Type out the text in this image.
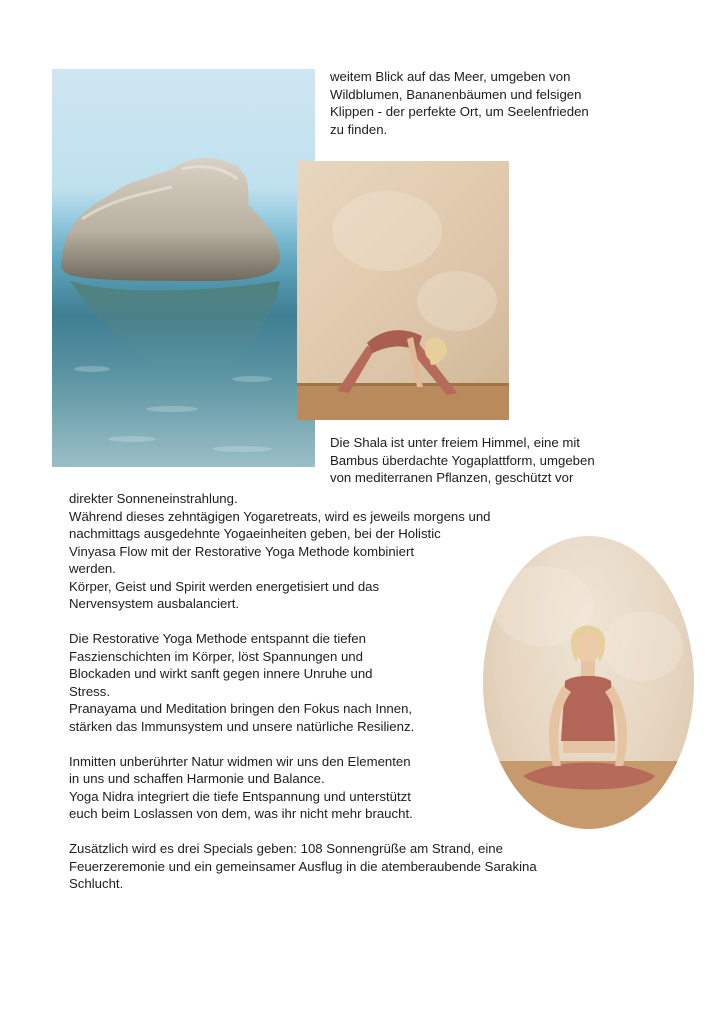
weitem Blick auf das Meer, umgeben von

Wildblumen, Bananenbäumen und felsigen

Klippen - der perfekte Ort, um Seelenfrieden

zu finden.

Die Shala ist unter freiem Himmel, eine mit

Bambus überdachte Yogaplattform, umgeben

von mediterranen Pflanzen, geschützt vor

direkter Sonneneinstrahlung.

Während dieses zehntägigen Yogaretreats, wird es jeweils morgens und

nachmittags ausgedehnte Yogaeinheiten geben, bei der Holistic

Vinyasa Flow mit der Restorative Yoga Methode kombiniert

werden.

Körper, Geist und Spirit werden energetisiert und das

Nervensystem ausbalanciert.

Die Restorative Yoga Methode entspannt die tiefen

Faszienschichten im Körper, löst Spannungen und

Blockaden und wirkt sanft gegen innere Unruhe und

Stress.

Pranayama und Meditation bringen den Fokus nach Innen,

stärken das Immunsystem und unsere natürliche Resilienz.

Inmitten unberührter Natur widmen wir uns den Elementen

in uns und schaffen Harmonie und Balance.

Yoga Nidra integriert die tiefe Entspannung und unterstützt

euch beim Loslassen von dem, was ihr nicht mehr braucht.

Zusätzlich wird es drei Specials geben: 108 Sonnengrüße am Strand, eine

Feuerzeremonie und ein gemeinsamer Ausflug in die atemberaubende Sarakina

Schlucht.
